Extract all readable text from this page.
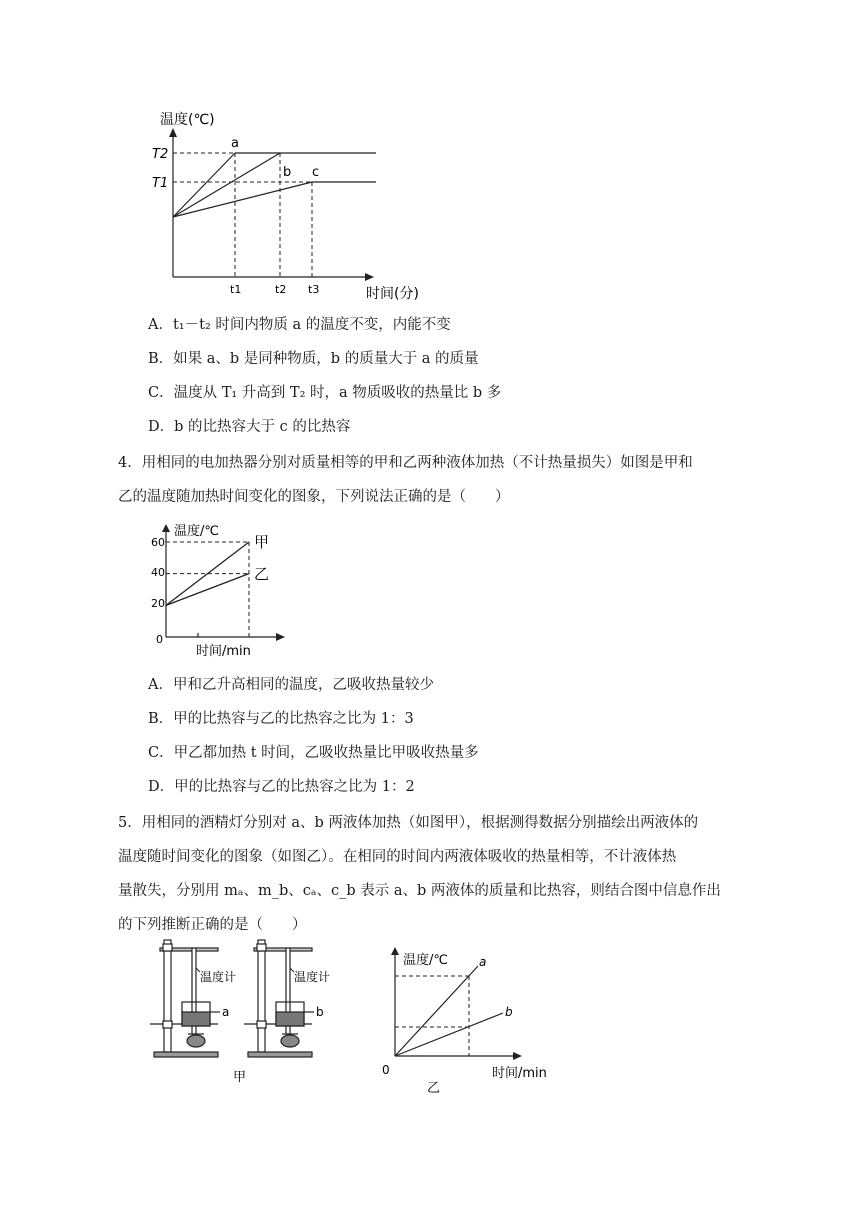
温度(℃)
T2
T1
t1	t2 t3	时间(分)
a
b c
A．t₁－t₂ 时间内物质 a 的温度不变，内能不变
B．如果 a、b 是同种物质，b 的质量大于 a 的质量
C．温度从 T₁ 升高到 T₂ 时，a 物质吸收的热量比 b 多
D．b 的比热容大于 c 的比热容
4．用相同的电加热器分别对质量相等的甲和乙两种液体加热（不计热量损失）如图是甲和
乙的温度随加热时间变化的图象，下列说法正确的是（　　）
温度/℃
时间/min
60
40
20
0
甲
乙
A．甲和乙升高相同的温度，乙吸收热量较少
B．甲的比热容与乙的比热容之比为 1：3
C．甲乙都加热 t 时间，乙吸收热量比甲吸收热量多
D．甲的比热容与乙的比热容之比为 1：2
5．用相同的酒精灯分别对 a、b 两液体加热（如图甲），根据测得数据分别描绘出两液体的
温度随时间变化的图象（如图乙）。在相同的时间内两液体吸收的热量相等，不计液体热
量散失，分别用 mₐ、m_b、cₐ、c_b 表示 a、b 两液体的质量和比热容，则结合图中信息作出
的下列推断正确的是（　　）
温度计	温度计
a	b
甲
温度/℃
时间/min
0
a
b
乙
